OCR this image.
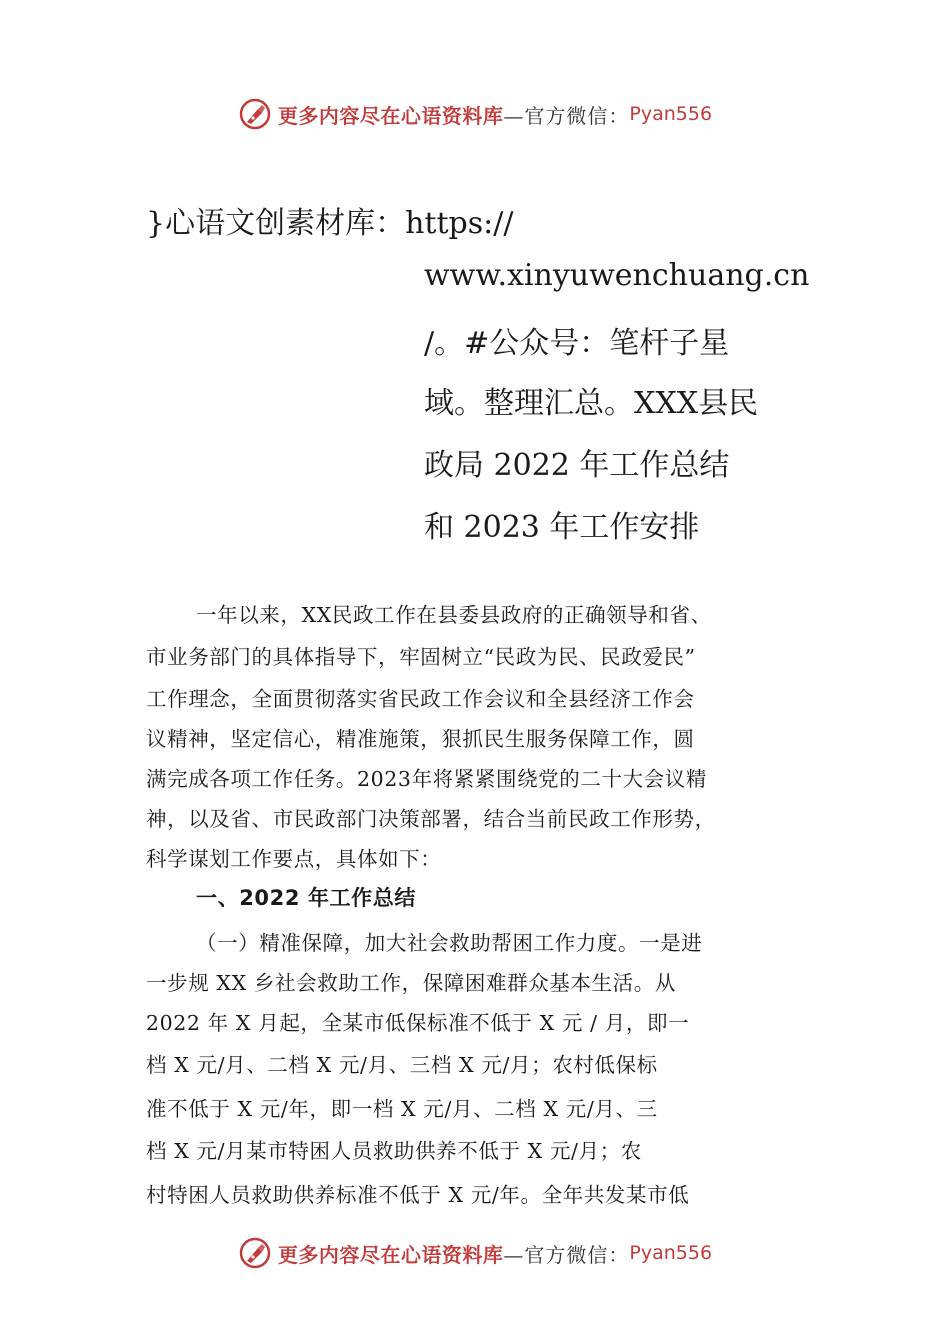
更多内容尽在心语资料库 —官方微信： Pyan556
}心语文创素材库：https://
www.xinyuwenchuang.cn
/。#公众号：笔杆子星
域。整理汇总。XXX县民
政局 2022 年工作总结
和 2023 年工作安排
一年以来，XX民政工作在县委县政府的正确领导和省、
市业务部门的具体指导下，牢固树立“民政为民、民政爱民”
工作理念，全面贯彻落实省民政工作会议和全县经济工作会
议精神，坚定信心，精准施策，狠抓民生服务保障工作，圆
满完成各项工作任务。2023年将紧紧围绕党的二十大会议精
神，以及省、市民政部门决策部署，结合当前民政工作形势，
科学谋划工作要点，具体如下：
一、2022 年工作总结
（一）精准保障，加大社会救助帮困工作力度。一是进
一步规 XX 乡社会救助工作，保障困难群众基本生活。从
2022 年 X 月起，全某市低保标准不低于 X 元 / 月，即一
档 X 元/月、二档 X 元/月、三档 X 元/月；农村低保标
准不低于 X 元/年，即一档 X 元/月、二档 X 元/月、三
档 X 元/月某市特困人员救助供养不低于 X 元/月；农
村特困人员救助供养标准不低于 X 元/年。全年共发某市低
更多内容尽在心语资料库 —官方微信： Pyan556
